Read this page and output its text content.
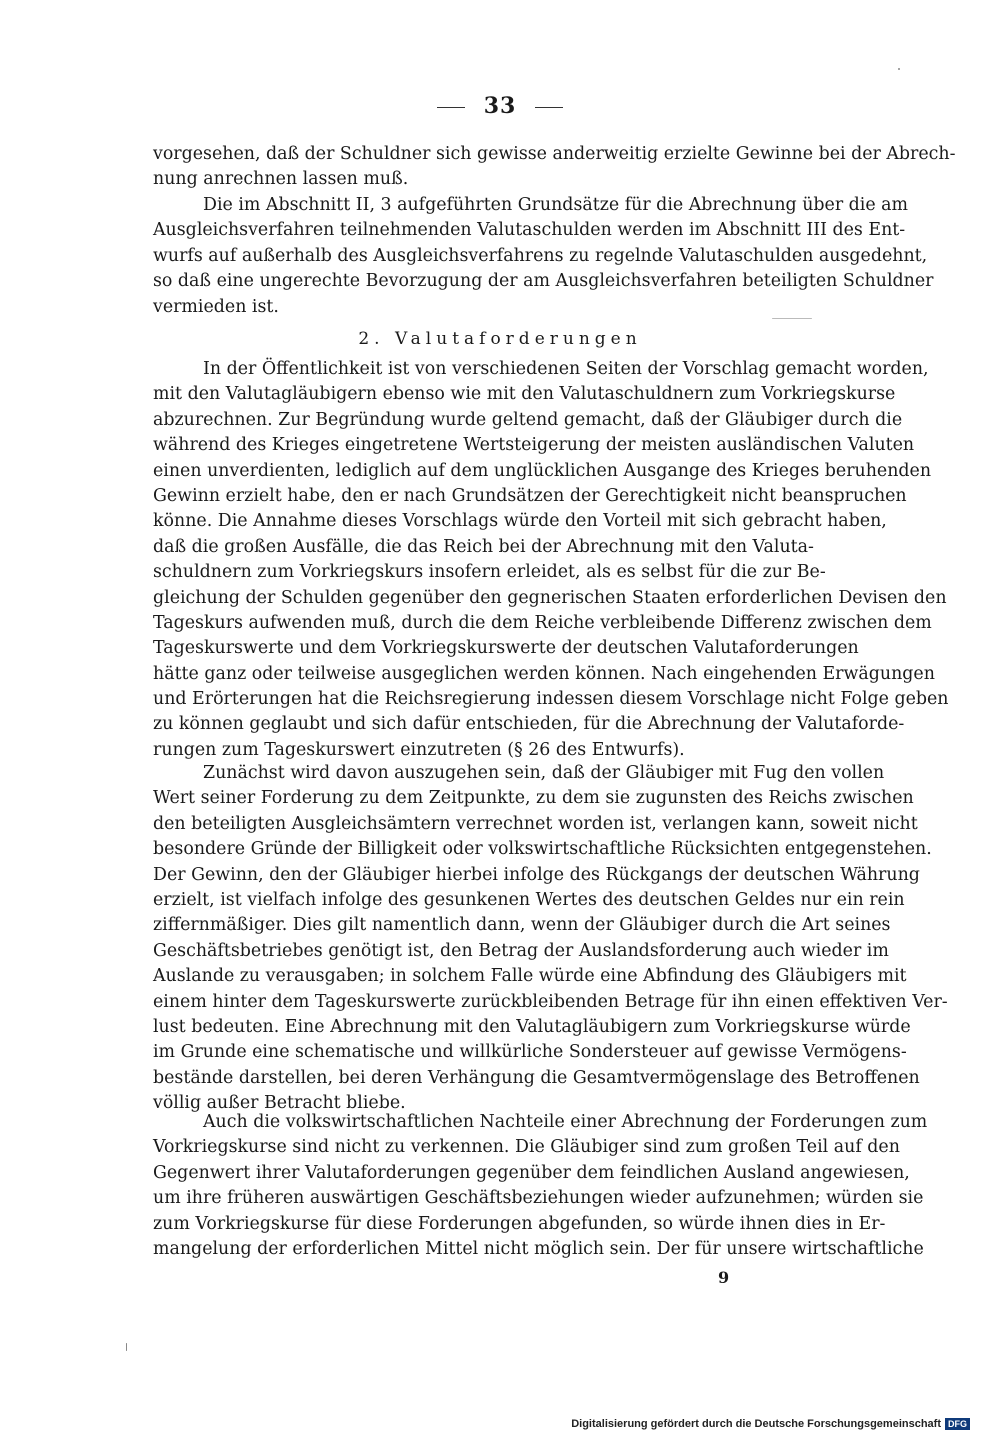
33
vorgesehen, daß der Schuldner sich gewisse anderweitig erzielte Gewinne bei der Abrech-
nung anrechnen lassen muß.
Die im Abschnitt II, 3 aufgeführten Grundsätze für die Abrechnung über die am
Ausgleichsverfahren teilnehmenden Valutaschulden werden im Abschnitt III des Ent-
wurfs auf außerhalb des Ausgleichsverfahrens zu regelnde Valutaschulden ausgedehnt,
so daß eine ungerechte Bevorzugung der am Ausgleichsverfahren beteiligten Schuldner
vermieden ist.
2. Valutaforderungen
In der Öffentlichkeit ist von verschiedenen Seiten der Vorschlag gemacht worden,
mit den Valutagläubigern ebenso wie mit den Valutaschuldnern zum Vorkriegskurse
abzurechnen. Zur Begründung wurde geltend gemacht, daß der Gläubiger durch die
während des Krieges eingetretene Wertsteigerung der meisten ausländischen Valuten
einen unverdienten, lediglich auf dem unglücklichen Ausgange des Krieges beruhenden
Gewinn erzielt habe, den er nach Grundsätzen der Gerechtigkeit nicht beanspruchen
könne. Die Annahme dieses Vorschlags würde den Vorteil mit sich gebracht haben,
daß die großen Ausfälle, die das Reich bei der Abrechnung mit den Valuta-
schuldnern zum Vorkriegskurs insofern erleidet, als es selbst für die zur Be-
gleichung der Schulden gegenüber den gegnerischen Staaten erforderlichen Devisen den
Tageskurs aufwenden muß, durch die dem Reiche verbleibende Differenz zwischen dem
Tageskurswerte und dem Vorkriegskurswerte der deutschen Valutaforderungen
hätte ganz oder teilweise ausgeglichen werden können. Nach eingehenden Erwägungen
und Erörterungen hat die Reichsregierung indessen diesem Vorschlage nicht Folge geben
zu können geglaubt und sich dafür entschieden, für die Abrechnung der Valutaforde-
rungen zum Tageskurswert einzutreten (§ 26 des Entwurfs).
Zunächst wird davon auszugehen sein, daß der Gläubiger mit Fug den vollen
Wert seiner Forderung zu dem Zeitpunkte, zu dem sie zugunsten des Reichs zwischen
den beteiligten Ausgleichsämtern verrechnet worden ist, verlangen kann, soweit nicht
besondere Gründe der Billigkeit oder volkswirtschaftliche Rücksichten entgegenstehen.
Der Gewinn, den der Gläubiger hierbei infolge des Rückgangs der deutschen Währung
erzielt, ist vielfach infolge des gesunkenen Wertes des deutschen Geldes nur ein rein
ziffernmäßiger. Dies gilt namentlich dann, wenn der Gläubiger durch die Art seines
Geschäftsbetriebes genötigt ist, den Betrag der Auslandsforderung auch wieder im
Auslande zu verausgaben; in solchem Falle würde eine Abfindung des Gläubigers mit
einem hinter dem Tageskurswerte zurückbleibenden Betrage für ihn einen effektiven Ver-
lust bedeuten. Eine Abrechnung mit den Valutagläubigern zum Vorkriegskurse würde
im Grunde eine schematische und willkürliche Sondersteuer auf gewisse Vermögens-
bestände darstellen, bei deren Verhängung die Gesamtvermögenslage des Betroffenen
völlig außer Betracht bliebe.
Auch die volkswirtschaftlichen Nachteile einer Abrechnung der Forderungen zum
Vorkriegskurse sind nicht zu verkennen. Die Gläubiger sind zum großen Teil auf den
Gegenwert ihrer Valutaforderungen gegenüber dem feindlichen Ausland angewiesen,
um ihre früheren auswärtigen Geschäftsbeziehungen wieder aufzunehmen; würden sie
zum Vorkriegskurse für diese Forderungen abgefunden, so würde ihnen dies in Er-
mangelung der erforderlichen Mittel nicht möglich sein. Der für unsere wirtschaftliche
9
Digitalisierung gefördert durch die Deutsche Forschungsgemeinschaft DFG
